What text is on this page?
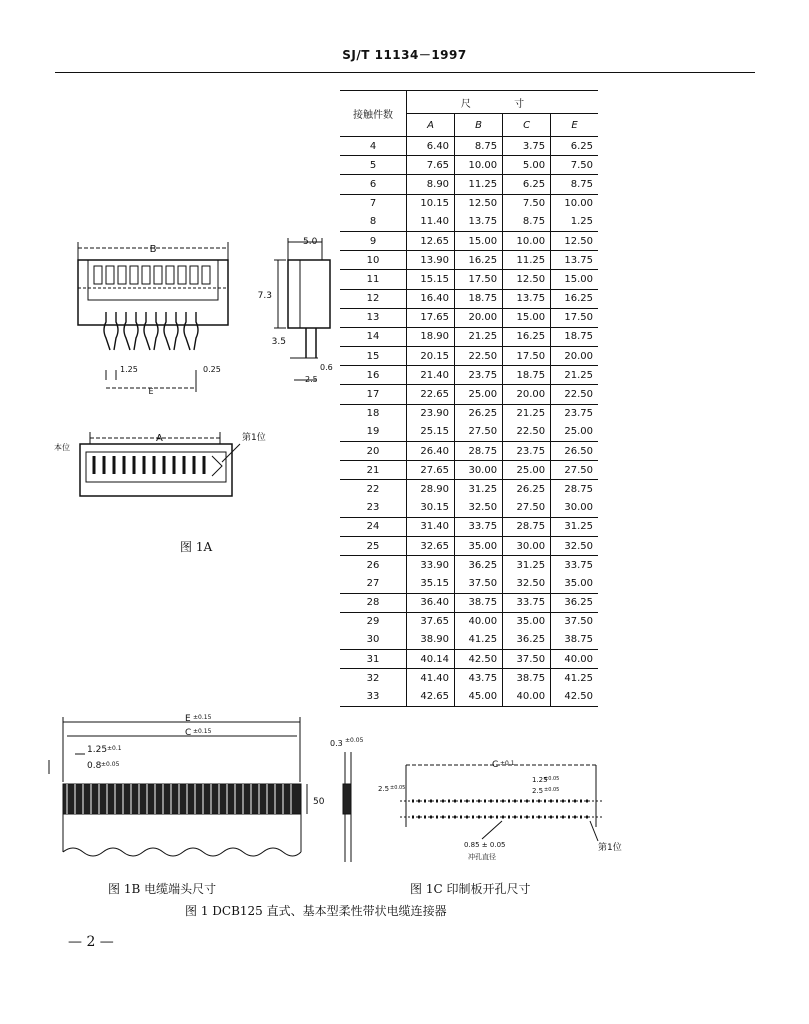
SJ/T 11134－1997
接触件数	尺 寸			
	A	B	C	E
4	6.40	8.75	3.75	6.25
5	7.65	10.00	5.00	7.50
6	8.90	11.25	6.25	8.75
7	10.15	12.50	7.50	10.00
8	11.40	13.75	8.75	1.25
9	12.65	15.00	10.00	12.50
10	13.90	16.25	11.25	13.75
11	15.15	17.50	12.50	15.00
12	16.40	18.75	13.75	16.25
13	17.65	20.00	15.00	17.50
14	18.90	21.25	16.25	18.75
15	20.15	22.50	17.50	20.00
16	21.40	23.75	18.75	21.25
17	22.65	25.00	20.00	22.50
18	23.90	26.25	21.25	23.75
19	25.15	27.50	22.50	25.00
20	26.40	28.75	23.75	26.50
21	27.65	30.00	25.00	27.50
22	28.90	31.25	26.25	28.75
23	30.15	32.50	27.50	30.00
24	31.40	33.75	28.75	31.25
25	32.65	35.00	30.00	32.50
26	33.90	36.25	31.25	33.75
27	35.15	37.50	32.50	35.00
28	36.40	38.75	33.75	36.25
29	37.65	40.00	35.00	37.50
30	38.90	41.25	36.25	38.75
31	40.14	42.50	37.50	40.00
32	41.40	43.75	38.75	41.25
33	42.65	45.00	40.00	42.50
B
1.25
E
0.25
5.0
7.3
3.5
0.6
2.5
A
本位
第1位
图 1A
E ±0.15
C ±0.15
1.25 ±0.1
0.8 ±0.05
50
0.3 ±0.05
图 1B 电缆端头尺寸
C ±0.1
1.25
±0.05
2.5 ±0.05
2.5 ±0.05
0.85 ± 0.05
冲孔直径
第1位
图 1C 印制板开孔尺寸
图 1 DCB125 直式、基本型柔性带状电缆连接器
— 2 —
